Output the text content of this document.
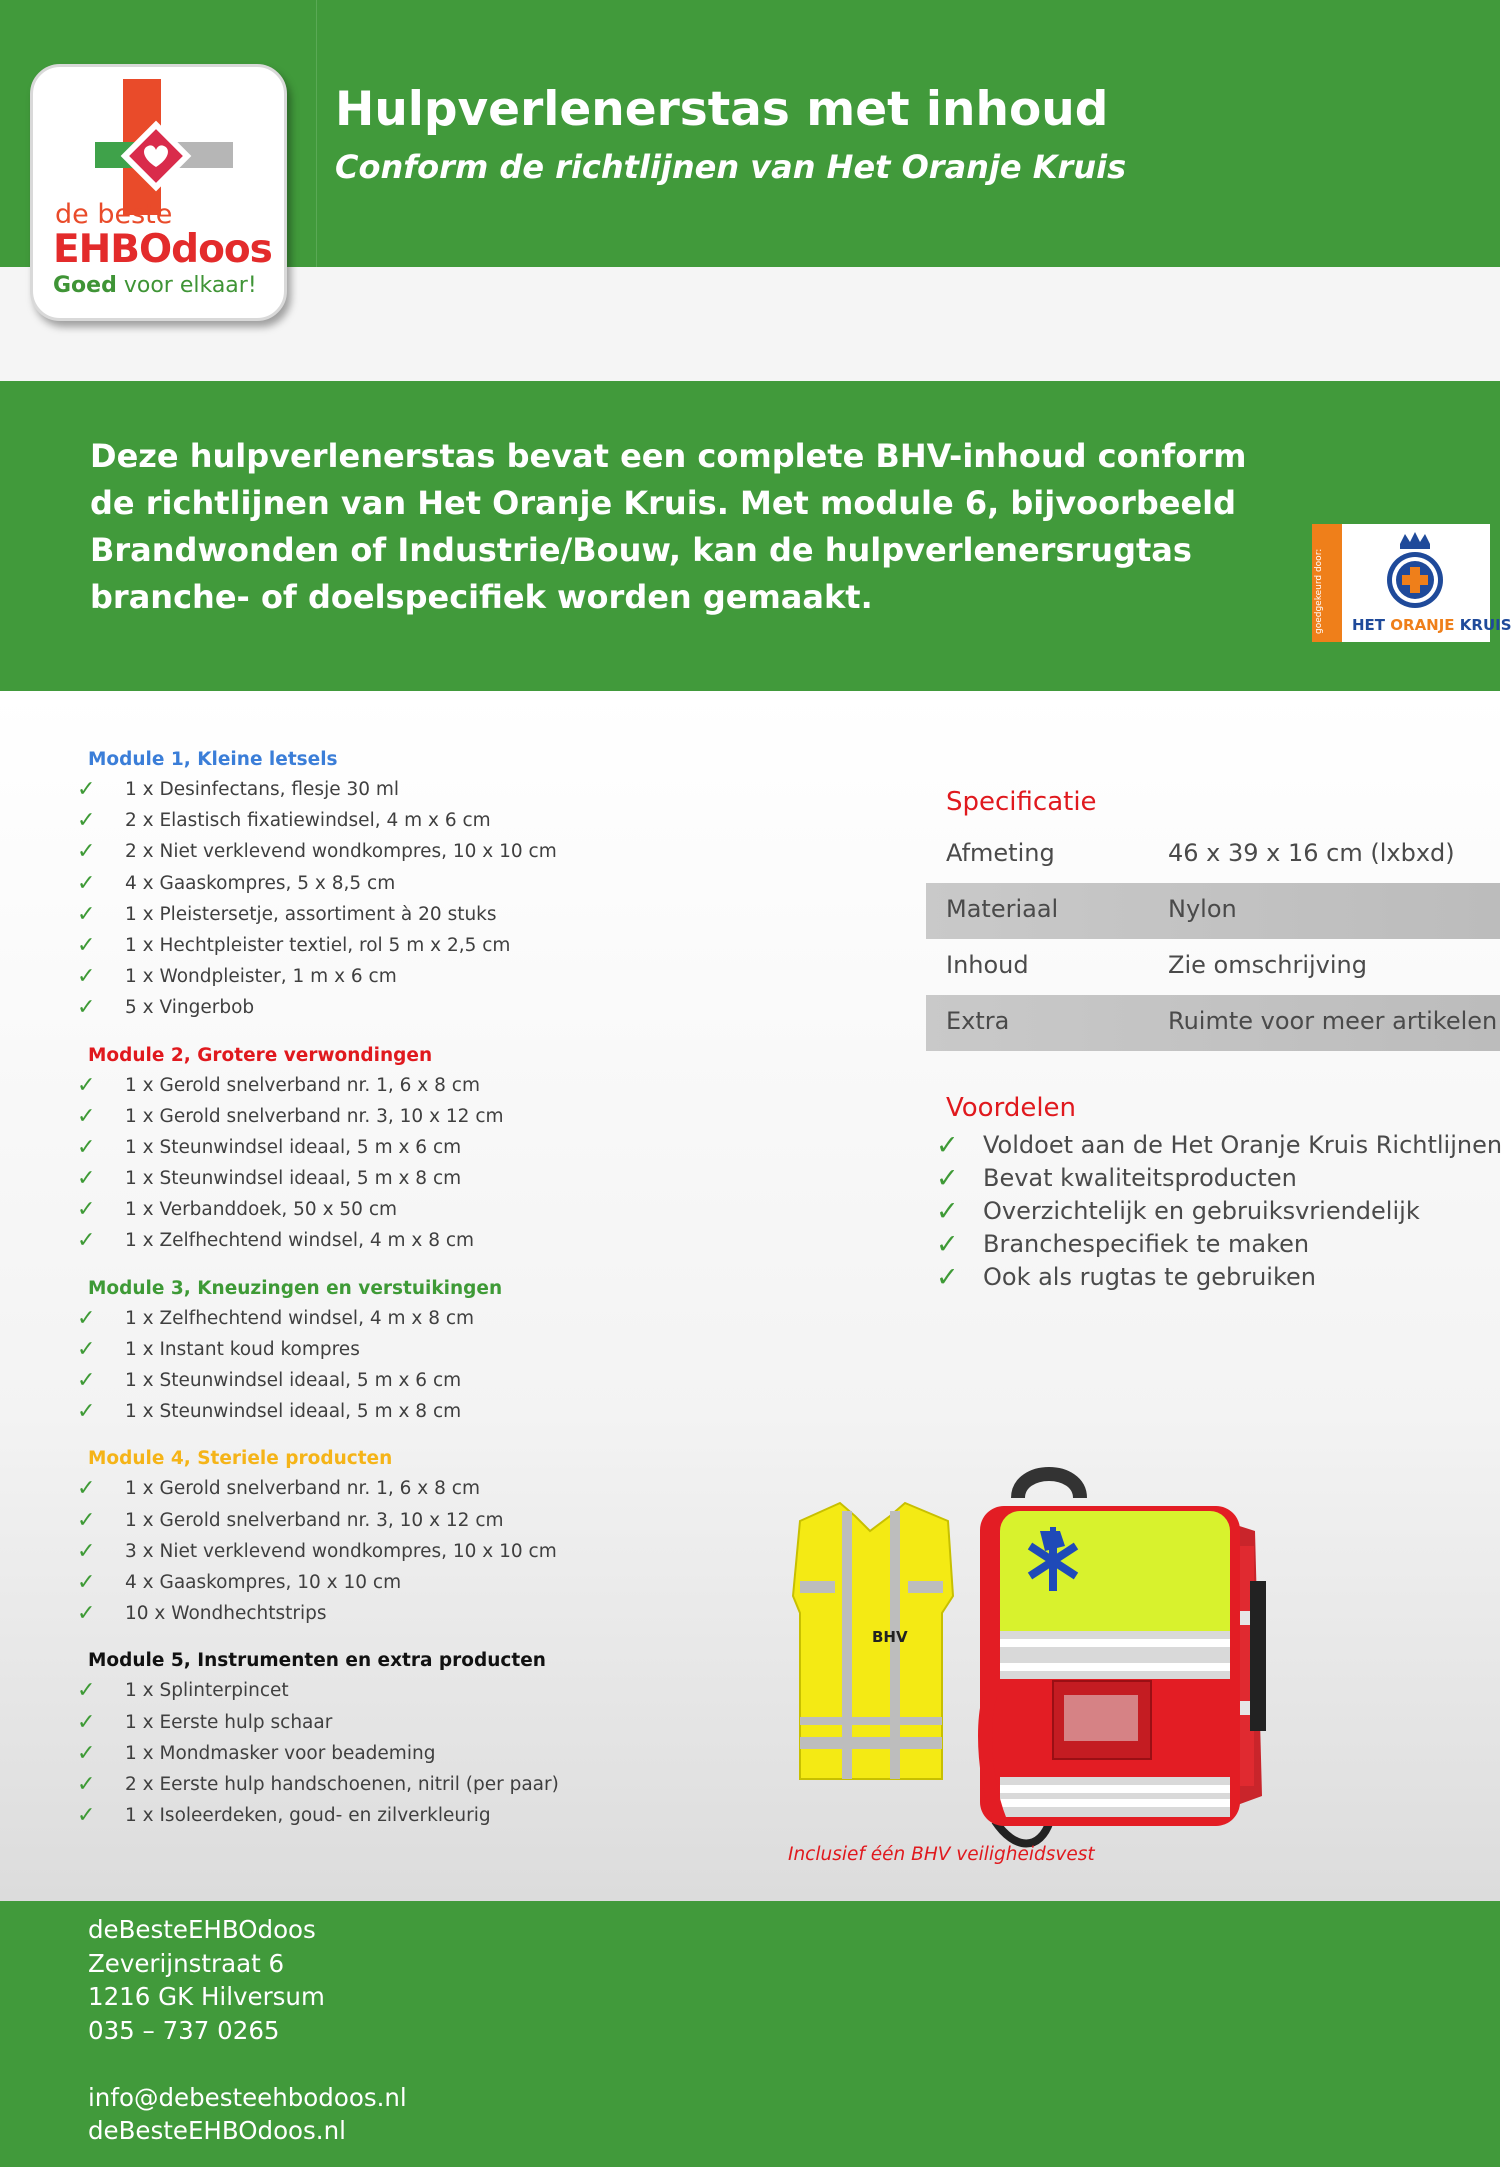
Hulpverlenerstas met inhoud
Conform de richtlijnen van Het Oranje Kruis
de beste
EHBOdoos
Goed voor elkaar!

Deze hulpverlenerstas bevat een complete BHV-inhoud conform de richtlijnen van Het Oranje Kruis. Met module 6, bijvoorbeeld Brandwonden of Industrie/Bouw, kan de hulpverlenersrugtas branche- of doelspecifiek worden gemaakt.	goedgekeurd door: HET ORANJE KRUIS
Module 1, Kleine letsels
✓ 1 x Desinfectans, flesje 30 ml
✓ 2 x Elastisch fixatiewindsel, 4 m x 6 cm
✓ 2 x Niet verklevend wondkompres, 10 x 10 cm
✓ 4 x Gaaskompres, 5 x 8,5 cm
✓ 1 x Pleistersetje, assortiment à 20 stuks
✓ 1 x Hechtpleister textiel, rol 5 m x 2,5 cm
✓ 1 x Wondpleister, 1 m x 6 cm
✓ 5 x Vingerbob
Module 2, Grotere verwondingen
✓ 1 x Gerold snelverband nr. 1, 6 x 8 cm
✓ 1 x Gerold snelverband nr. 3, 10 x 12 cm
✓ 1 x Steunwindsel ideaal, 5 m x 6 cm
✓ 1 x Steunwindsel ideaal, 5 m x 8 cm
✓ 1 x Verbanddoek, 50 x 50 cm
✓ 1 x Zelfhechtend windsel, 4 m x 8 cm
Module 3, Kneuzingen en verstuikingen
✓ 1 x Zelfhechtend windsel, 4 m x 8 cm
✓ 1 x Instant koud kompres
✓ 1 x Steunwindsel ideaal, 5 m x 6 cm
✓ 1 x Steunwindsel ideaal, 5 m x 8 cm
Module 4, Steriele producten
✓ 1 x Gerold snelverband nr. 1, 6 x 8 cm
✓ 1 x Gerold snelverband nr. 3, 10 x 12 cm
✓ 3 x Niet verklevend wondkompres, 10 x 10 cm
✓ 4 x Gaaskompres, 10 x 10 cm
✓ 10 x Wondhechtstrips
Module 5, Instrumenten en extra producten
✓ 1 x Splinterpincet
✓ 1 x Eerste hulp schaar
✓ 1 x Mondmasker voor beademing
✓ 2 x Eerste hulp handschoenen, nitril (per paar)
✓ 1 x Isoleerdeken, goud- en zilverkleurig
Specificatie
Afmeting	46 x 39 x 16 cm (lxbxd)
Materiaal	Nylon
Inhoud	Zie omschrijving
Extra	Ruimte voor meer artikelen
Voordelen
✓ Voldoet aan de Het Oranje Kruis Richtlijnen
✓ Bevat kwaliteitsproducten
✓ Overzichtelijk en gebruiksvriendelijk
✓ Branchespecifiek te maken
✓ Ook als rugtas te gebruiken
BHV
Inclusief één BHV veiligheidsvest
deBesteEHBOdoos
Zeverijnstraat 6
1216 GK Hilversum
035 – 737 0265
info@debesteehbodoos.nl
deBesteEHBOdoos.nl
